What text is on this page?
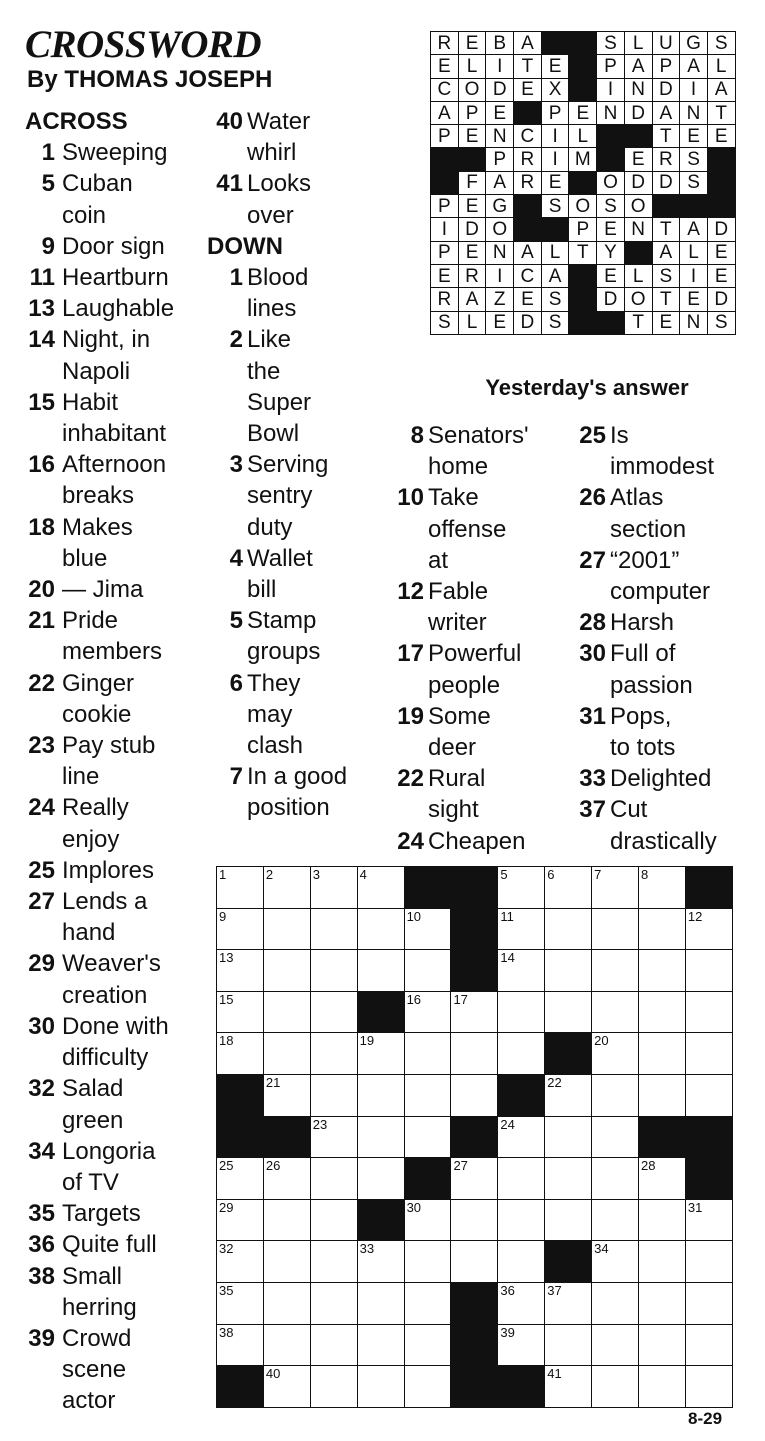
CROSSWORD
By THOMAS JOSEPH
ACROSS
1 Sweeping
5 Cuban
coin
9 Door sign
11 Heartburn
13 Laughable
14 Night, in
Napoli
15 Habit
inhabitant
16 Afternoon
breaks
18 Makes
blue
20 — Jima
21 Pride
members
22 Ginger
cookie
23 Pay stub
line
24 Really
enjoy
25 Implores
27 Lends a
hand
29 Weaver's
creation
30 Done with
difficulty
32 Salad
green
34 Longoria
of TV
35 Targets
36 Quite full
38 Small
herring
39 Crowd
scene
actor
40 Water
whirl
41 Looks
over
DOWN
1 Blood
lines
2 Like
the
Super
Bowl
3 Serving
sentry
duty
4 Wallet
bill
5 Stamp
groups
6 They
may
clash
7 In a good
position
8 Senators'
home
10 Take
offense
at
12 Fable
writer
17 Powerful
people
19 Some
deer
22 Rural
sight
24 Cheapen
25 Is
immodest
26 Atlas
section
27 “2001”
computer
28 Harsh
30 Full of
passion
31 Pops,
to tots
33 Delighted
37 Cut
drastically
R	E	B	A			S	L	U	G	S
E	L	I	T	E		P	A	P	A	L
C	O	D	E	X		I	N	D	I	A
A	P	E		P	E	N	D	A	N	T
P	E	N	C	I	L			T	E	E
		P	R	I	M		E	R	S	
	F	A	R	E		O	D	D	S	
P	E	G		S	O	S	O			
I	D	O			P	E	N	T	A	D
P	E	N	A	L	T	Y		A	L	E
E	R	I	C	A		E	L	S	I	E
R	A	Z	E	S		D	O	T	E	D
S	L	E	D	S			T	E	N	S
Yesterday's answer
1	2	3	4			5	6	7	8	

9				10		11				12

13						14				

15				16	17					

18			19					20		

	21						22			

		23				24				

25	26				27				28	

29				30						31

32			33					34		

35						36	37			

38						39				

	40						41			

8-29
